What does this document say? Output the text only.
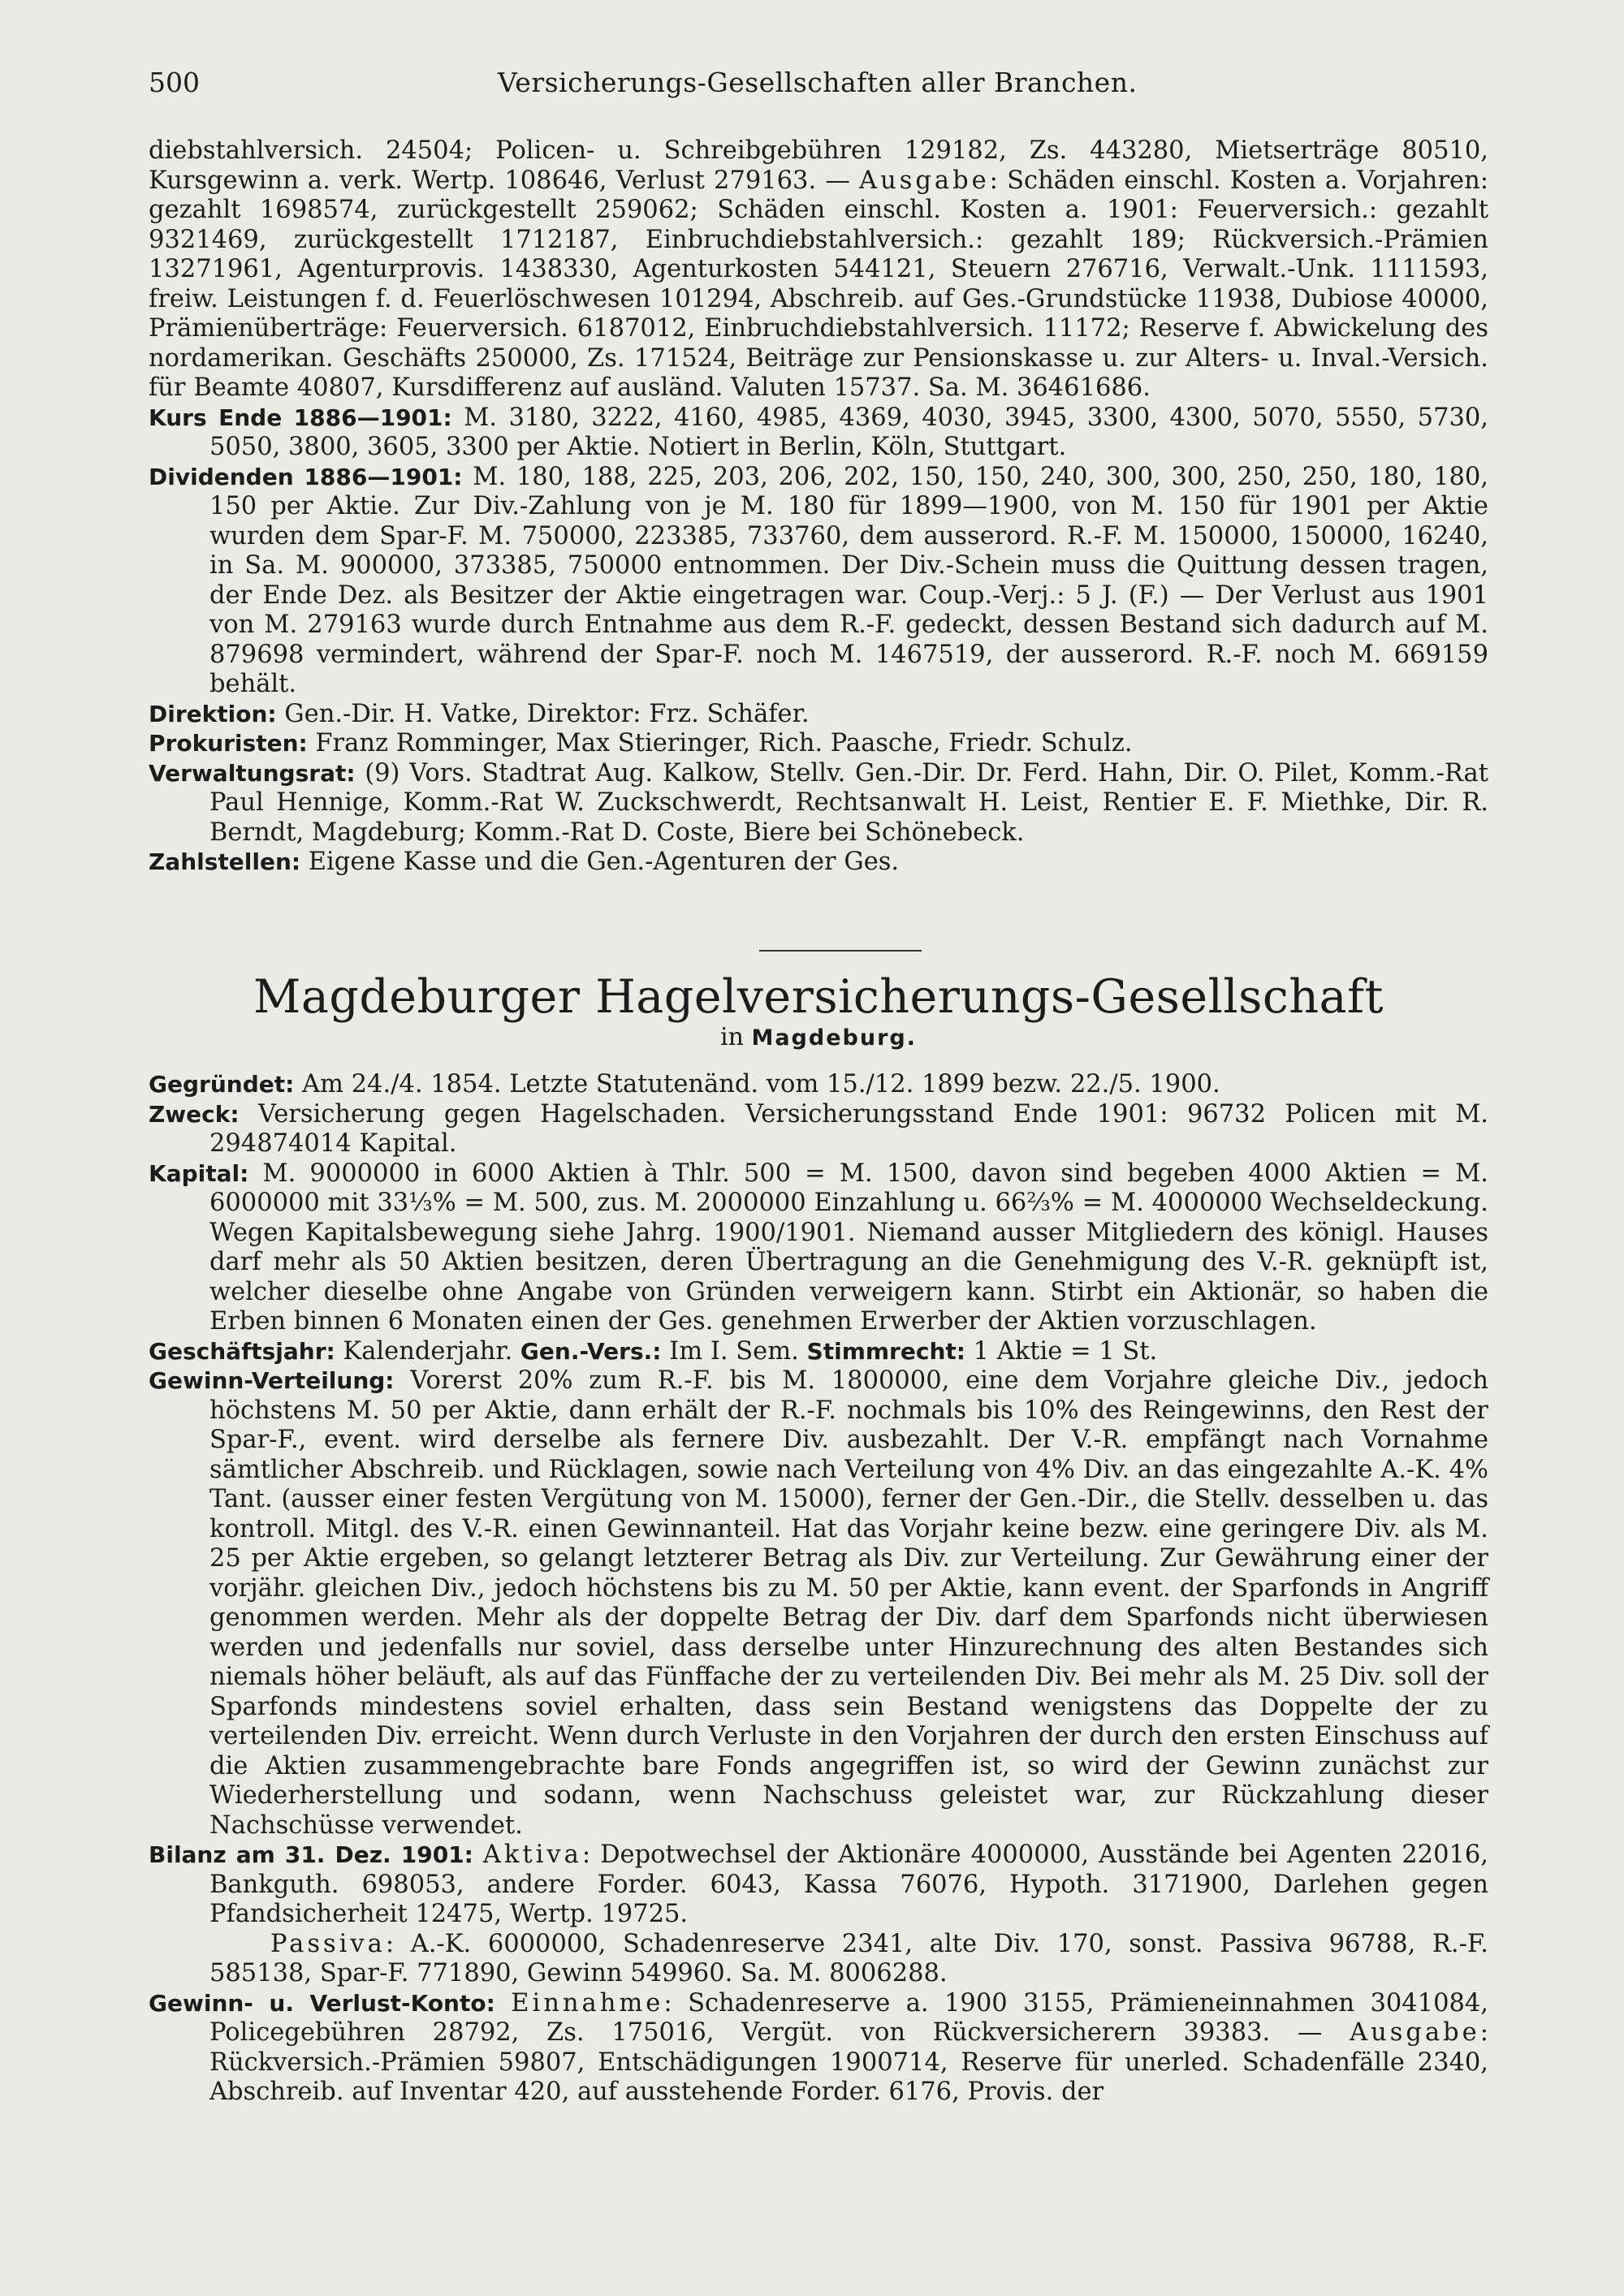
500	Versicherungs-Gesellschaften aller Branchen.

diebstahlversich. 24504; Policen- u. Schreibgebühren 129182, Zs. 443280, Mietserträge 80510, Kursgewinn a. verk. Wertp. 108646, Verlust 279163. — Ausgabe: Schäden einschl. Kosten a. Vorjahren: gezahlt 1698574, zurückgestellt 259062; Schäden einschl. Kosten a. 1901: Feuerversich.: gezahlt 9321469, zurückgestellt 1712187, Einbruchdiebstahlversich.: gezahlt 189; Rückversich.-Prämien 13271961, Agenturprovis. 1438330, Agenturkosten 544121, Steuern 276716, Verwalt.-Unk. 1111593, freiw. Leistungen f. d. Feuerlöschwesen 101294, Abschreib. auf Ges.-Grundstücke 11938, Dubiose 40000, Prämienüberträge: Feuerversich. 6187012, Einbruchdiebstahlversich. 11172; Reserve f. Abwickelung des nordamerikan. Geschäfts 250000, Zs. 171524, Beiträge zur Pensionskasse u. zur Alters- u. Inval.-Versich. für Beamte 40807, Kursdifferenz auf ausländ. Valuten 15737. Sa. M. 36461686.

Kurs Ende 1886—1901: M. 3180, 3222, 4160, 4985, 4369, 4030, 3945, 3300, 4300, 5070, 5550, 5730, 5050, 3800, 3605, 3300 per Aktie. Notiert in Berlin, Köln, Stuttgart.

Dividenden 1886—1901: M. 180, 188, 225, 203, 206, 202, 150, 150, 240, 300, 300, 250, 250, 180, 180, 150 per Aktie. Zur Div.-Zahlung von je M. 180 für 1899—1900, von M. 150 für 1901 per Aktie wurden dem Spar-F. M. 750000, 223385, 733760, dem ausserord. R.-F. M. 150000, 150000, 16240, in Sa. M. 900000, 373385, 750000 entnommen. Der Div.-Schein muss die Quittung dessen tragen, der Ende Dez. als Besitzer der Aktie eingetragen war. Coup.-Verj.: 5 J. (F.) — Der Verlust aus 1901 von M. 279163 wurde durch Entnahme aus dem R.-F. gedeckt, dessen Bestand sich dadurch auf M. 879698 vermindert, während der Spar-F. noch M. 1467519, der ausserord. R.-F. noch M. 669159 behält.

Direktion: Gen.-Dir. H. Vatke, Direktor: Frz. Schäfer.

Prokuristen: Franz Romminger, Max Stieringer, Rich. Paasche, Friedr. Schulz.

Verwaltungsrat: (9) Vors. Stadtrat Aug. Kalkow, Stellv. Gen.-Dir. Dr. Ferd. Hahn, Dir. O. Pilet, Komm.-Rat Paul Hennige, Komm.-Rat W. Zuckschwerdt, Rechtsanwalt H. Leist, Rentier E. F. Miethke, Dir. R. Berndt, Magdeburg; Komm.-Rat D. Coste, Biere bei Schönebeck.

Zahlstellen: Eigene Kasse und die Gen.-Agenturen der Ges.

Magdeburger Hagelversicherungs-Gesellschaft
in Magdeburg.

Gegründet: Am 24./4. 1854. Letzte Statutenänd. vom 15./12. 1899 bezw. 22./5. 1900.

Zweck: Versicherung gegen Hagelschaden. Versicherungsstand Ende 1901: 96732 Policen mit M. 294874014 Kapital.

Kapital: M. 9000000 in 6000 Aktien à Thlr. 500 = M. 1500, davon sind begeben 4000 Aktien = M. 6000000 mit 33⅓% = M. 500, zus. M. 2000000 Einzahlung u. 66⅔% = M. 4000000 Wechseldeckung. Wegen Kapitalsbewegung siehe Jahrg. 1900/1901. Niemand ausser Mitgliedern des königl. Hauses darf mehr als 50 Aktien besitzen, deren Übertragung an die Genehmigung des V.-R. geknüpft ist, welcher dieselbe ohne Angabe von Gründen verweigern kann. Stirbt ein Aktionär, so haben die Erben binnen 6 Monaten einen der Ges. genehmen Erwerber der Aktien vorzuschlagen.

Geschäftsjahr: Kalenderjahr. Gen.-Vers.: Im I. Sem. Stimmrecht: 1 Aktie = 1 St.

Gewinn-Verteilung: Vorerst 20% zum R.-F. bis M. 1800000, eine dem Vorjahre gleiche Div., jedoch höchstens M. 50 per Aktie, dann erhält der R.-F. nochmals bis 10% des Reingewinns, den Rest der Spar-F., event. wird derselbe als fernere Div. ausbezahlt. Der V.-R. empfängt nach Vornahme sämtlicher Abschreib. und Rücklagen, sowie nach Verteilung von 4% Div. an das eingezahlte A.-K. 4% Tant. (ausser einer festen Vergütung von M. 15000), ferner der Gen.-Dir., die Stellv. desselben u. das kontroll. Mitgl. des V.-R. einen Gewinnanteil. Hat das Vorjahr keine bezw. eine geringere Div. als M. 25 per Aktie ergeben, so gelangt letzterer Betrag als Div. zur Verteilung. Zur Gewährung einer der vorjähr. gleichen Div., jedoch höchstens bis zu M. 50 per Aktie, kann event. der Sparfonds in Angriff genommen werden. Mehr als der doppelte Betrag der Div. darf dem Sparfonds nicht überwiesen werden und jedenfalls nur soviel, dass derselbe unter Hinzurechnung des alten Bestandes sich niemals höher beläuft, als auf das Fünffache der zu verteilenden Div. Bei mehr als M. 25 Div. soll der Sparfonds mindestens soviel erhalten, dass sein Bestand wenigstens das Doppelte der zu verteilenden Div. erreicht. Wenn durch Verluste in den Vorjahren der durch den ersten Einschuss auf die Aktien zusammengebrachte bare Fonds angegriffen ist, so wird der Gewinn zunächst zur Wiederherstellung und sodann, wenn Nachschuss geleistet war, zur Rückzahlung dieser Nachschüsse verwendet.

Bilanz am 31. Dez. 1901: Aktiva: Depotwechsel der Aktionäre 4000000, Ausstände bei Agenten 22016, Bankguth. 698053, andere Forder. 6043, Kassa 76076, Hypoth. 3171900, Darlehen gegen Pfandsicherheit 12475, Wertp. 19725.

Passiva: A.-K. 6000000, Schadenreserve 2341, alte Div. 170, sonst. Passiva 96788, R.-F. 585138, Spar-F. 771890, Gewinn 549960. Sa. M. 8006288.

Gewinn- u. Verlust-Konto: Einnahme: Schadenreserve a. 1900 3155, Prämieneinnahmen 3041084, Policegebühren 28792, Zs. 175016, Vergüt. von Rückversicherern 39383. — Ausgabe: Rückversich.-Prämien 59807, Entschädigungen 1900714, Reserve für unerled. Schadenfälle 2340, Abschreib. auf Inventar 420, auf ausstehende Forder. 6176, Provis. der
